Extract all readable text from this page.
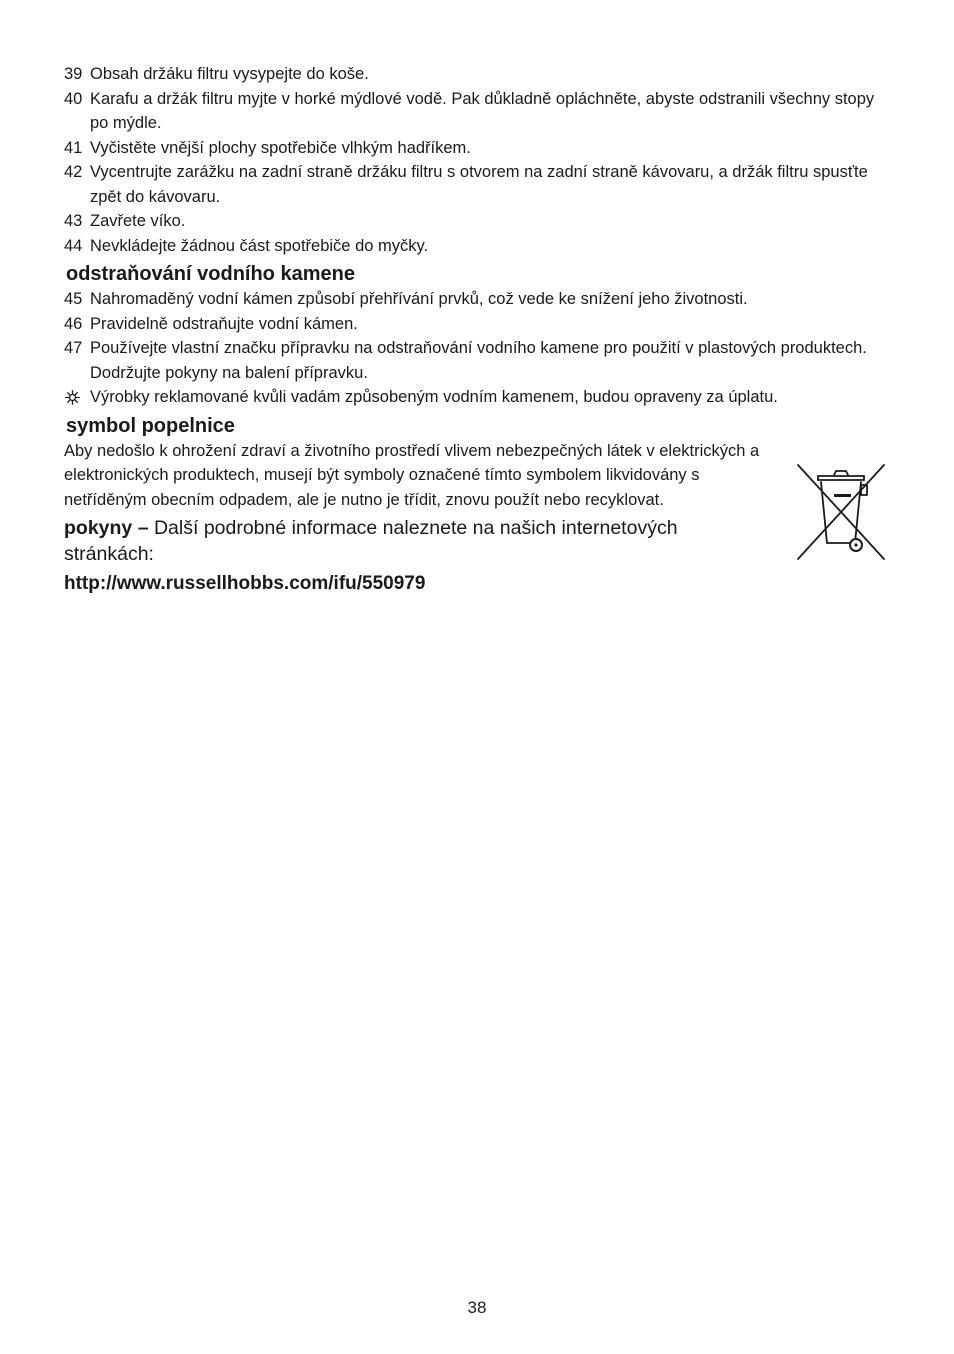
39 Obsah držáku filtru vysypejte do koše.
40 Karafu a držák filtru myjte v horké mýdlové vodě. Pak důkladně opláchněte, abyste odstranili všechny stopy po mýdle.
41 Vyčistěte vnější plochy spotřebiče vlhkým hadříkem.
42 Vycentrujte zarážku na zadní straně držáku filtru s otvorem na zadní straně kávovaru, a držák filtru spusťte zpět do kávovaru.
43 Zavřete víko.
44 Nevkládejte žádnou část spotřebiče do myčky.
odstraňování vodního kamene
45 Nahromaděný vodní kámen způsobí přehřívání prvků, což vede ke snížení jeho životnosti.
46 Pravidelně odstraňujte vodní kámen.
47 Používejte vlastní značku přípravku na odstraňování vodního kamene pro použití v plastových produktech. Dodržujte pokyny na balení přípravku.
Výrobky reklamované kvůli vadám způsobeným vodním kamenem, budou opraveny za úplatu.
symbol popelnice
Aby nedošlo k ohrožení zdraví a životního prostředí vlivem nebezpečných látek v elektrických a elektronických produktech, musejí být symboly označené tímto symbolem likvidovány s netříděným obecním odpadem, ale je nutno je třídit, znovu použít nebo recyklovat.
pokyny – Další podrobné informace naleznete na našich internetových stránkách:
http://www.russellhobbs.com/ifu/550979
38
